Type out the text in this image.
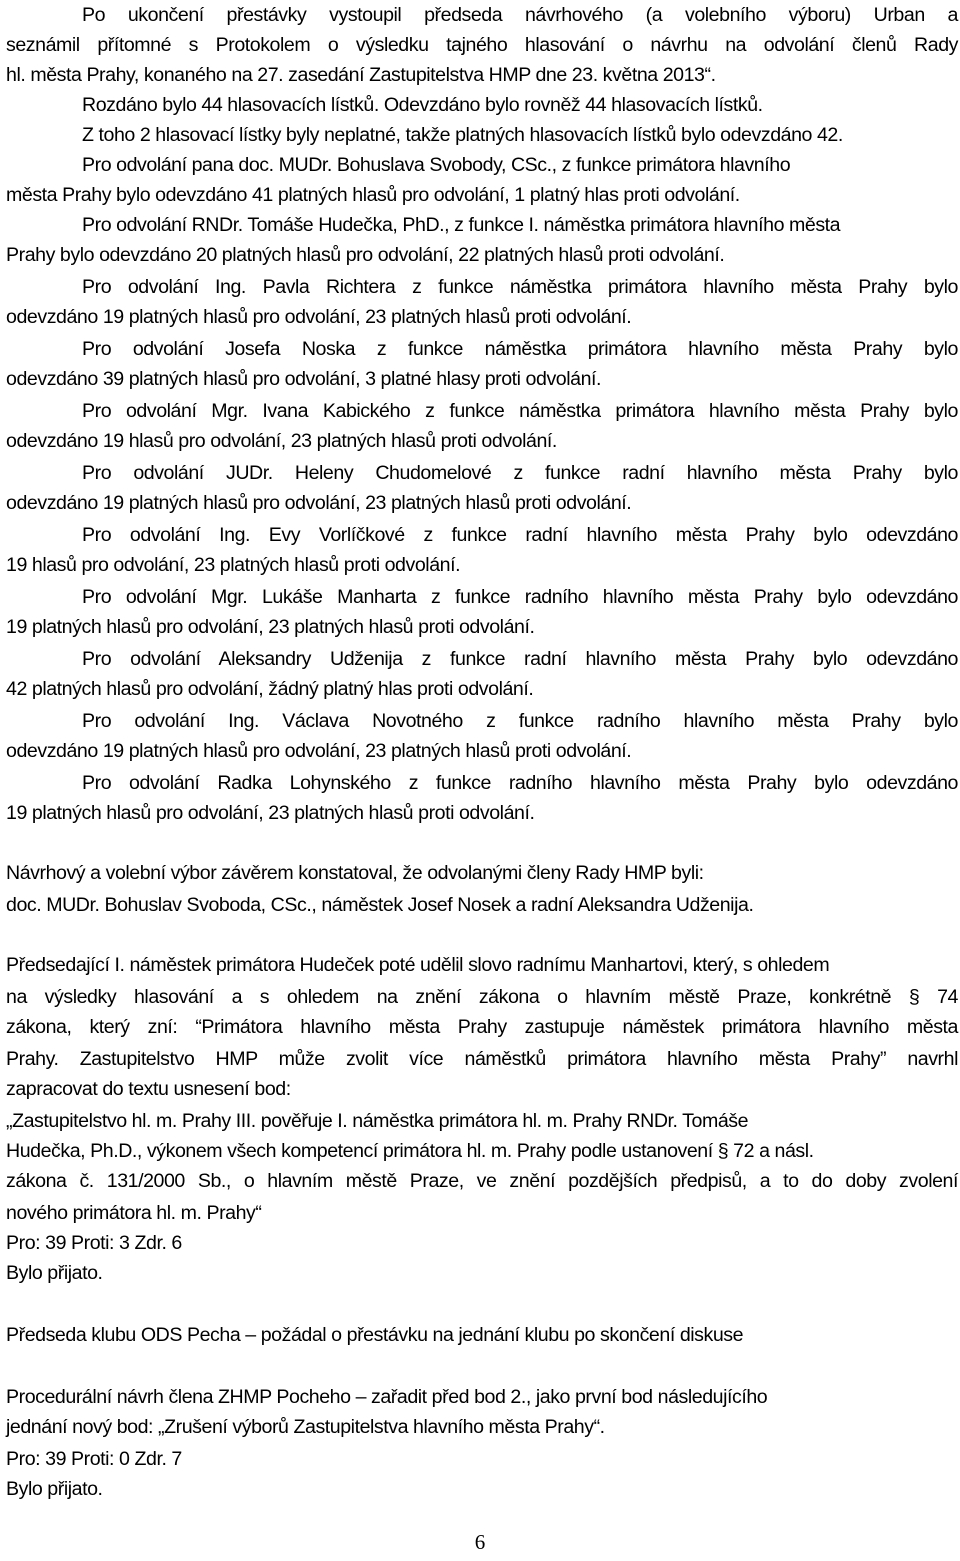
Po ukončení přestávky vystoupil předseda návrhového (a volebního výboru) Urban a
seznámil přítomné s Protokolem o výsledku tajného hlasování o návrhu na odvolání členů Rady
hl. města Prahy, konaného na 27. zasedání Zastupitelstva HMP dne 23. května 2013“.
Rozdáno bylo 44 hlasovacích lístků. Odevzdáno bylo rovněž 44 hlasovacích lístků.
Z toho 2 hlasovací lístky byly neplatné, takže platných hlasovacích lístků bylo odevzdáno 42.
Pro odvolání pana doc. MUDr. Bohuslava Svobody, CSc., z funkce primátora hlavního
města Prahy bylo odevzdáno 41 platných hlasů pro odvolání, 1 platný hlas proti odvolání.
Pro odvolání RNDr. Tomáše Hudečka, PhD., z funkce I. náměstka primátora hlavního města
Prahy bylo odevzdáno 20 platných hlasů pro odvolání, 22 platných hlasů proti odvolání.
Pro odvolání Ing. Pavla Richtera z funkce náměstka primátora hlavního města Prahy bylo
odevzdáno 19 platných hlasů pro odvolání, 23 platných hlasů proti odvolání.
Pro odvolání Josefa Noska z funkce náměstka primátora hlavního města Prahy bylo
odevzdáno 39 platných hlasů pro odvolání, 3 platné hlasy proti odvolání.
Pro odvolání Mgr. Ivana Kabického z funkce náměstka primátora hlavního města Prahy bylo
odevzdáno 19 hlasů pro odvolání, 23 platných hlasů proti odvolání.
Pro odvolání JUDr. Heleny Chudomelové z funkce radní hlavního města Prahy bylo
odevzdáno 19 platných hlasů pro odvolání, 23 platných hlasů proti odvolání.
Pro odvolání Ing. Evy Vorlíčkové z funkce radní hlavního města Prahy bylo odevzdáno
19 hlasů pro odvolání, 23 platných hlasů proti odvolání.
Pro odvolání Mgr. Lukáše Manharta z funkce radního hlavního města Prahy bylo odevzdáno
19 platných hlasů pro odvolání, 23 platných hlasů proti odvolání.
Pro odvolání Aleksandry Udženija z funkce radní hlavního města Prahy bylo odevzdáno
42 platných hlasů pro odvolání, žádný platný hlas proti odvolání.
Pro odvolání Ing. Václava Novotného z funkce radního hlavního města Prahy bylo
odevzdáno 19 platných hlasů pro odvolání, 23 platných hlasů proti odvolání.
Pro odvolání Radka Lohynského z funkce radního hlavního města Prahy bylo odevzdáno
19 platných hlasů pro odvolání, 23 platných hlasů proti odvolání.
Návrhový a volební výbor závěrem konstatoval, že odvolanými členy Rady HMP byli:
doc. MUDr. Bohuslav Svoboda, CSc., náměstek Josef Nosek a radní Aleksandra Udženija.
Předsedající I. náměstek primátora Hudeček poté udělil slovo radnímu Manhartovi, který, s ohledem
na výsledky hlasování a s ohledem na znění zákona o hlavním městě Praze, konkrétně § 74
zákona, který zní: “Primátora hlavního města Prahy zastupuje náměstek primátora hlavního města
Prahy. Zastupitelstvo HMP může zvolit více náměstků primátora hlavního města Prahy” navrhl
zapracovat do textu usnesení bod:
„Zastupitelstvo hl. m. Prahy III. pověřuje I. náměstka primátora hl. m. Prahy RNDr. Tomáše
Hudečka, Ph.D., výkonem všech kompetencí primátora hl. m. Prahy podle ustanovení § 72 a násl.
zákona č. 131/2000 Sb., o hlavním městě Praze, ve znění pozdějších předpisů, a to do doby zvolení
nového primátora hl. m. Prahy“
Pro: 39 Proti: 3 Zdr. 6
Bylo přijato.
Předseda klubu ODS Pecha – požádal o přestávku na jednání klubu po skončení diskuse
Procedurální návrh člena ZHMP Pocheho – zařadit před bod 2., jako první bod následujícího
jednání nový bod: „Zrušení výborů Zastupitelstva hlavního města Prahy“.
Pro: 39 Proti: 0 Zdr. 7
Bylo přijato.
6
